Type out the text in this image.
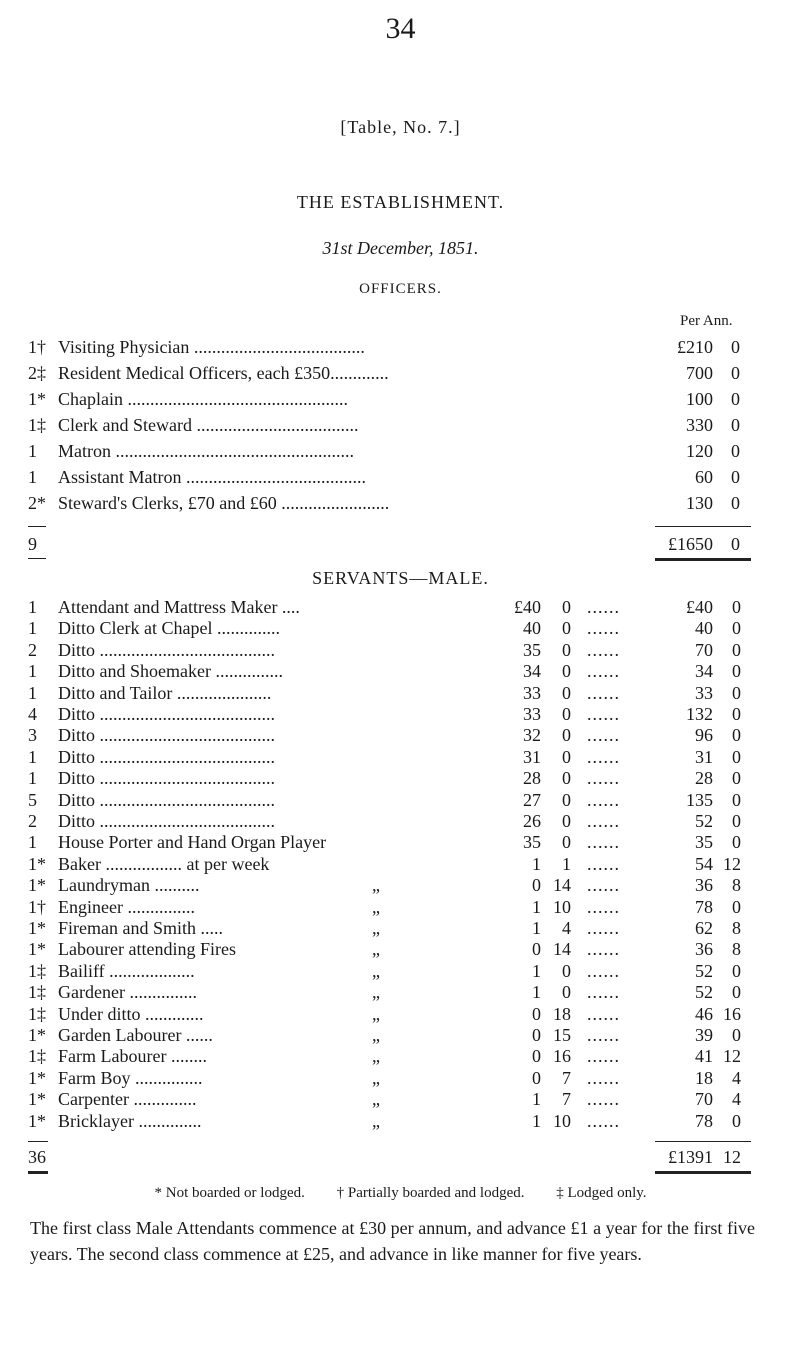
34
[Table, No. 7.]
THE ESTABLISHMENT.
31st December, 1851.
OFFICERS.
Per Ann.
1† Visiting Physician ......................................	£210	0
2‡ Resident Medical Officers, each £350.............	700	0
1* Chaplain .................................................	100	0
1‡ Clerk and Steward ....................................	330	0
1 Matron .....................................................	120	0
1 Assistant Matron ........................................	60	0
2* Steward's Clerks, £70 and £60 ........................	130	0
9	£1650	0
SERVANTS—MALE.
1 Attendant and Mattress Maker ....	£40	0 ......	£40	0
1 Ditto Clerk at Chapel ..............	40	0 ......	40	0
2 Ditto .......................................	35	0 ......	70	0
1 Ditto and Shoemaker ...............	34	0 ......	34	0
1 Ditto and Tailor .....................	33	0 ......	33	0
4 Ditto .......................................	33	0 ......	132	0
3 Ditto .......................................	32	0 ......	96	0
1 Ditto .......................................	31	0 ......	31	0
1 Ditto .......................................	28	0 ......	28	0
5 Ditto .......................................	27	0 ......	135	0
2 Ditto .......................................	26	0 ......	52	0
1 House Porter and Hand Organ Player	35	0 ......	35	0
1* Baker ................. at per week	1	1 ......	54 12
1* Laundryman ..........	„	0 14 ......	36	8
1† Engineer ...............	„	1 10 ......	78	0
1* Fireman and Smith .....	„	1	4 ......	62	8
1* Labourer attending Fires	„	0 14 ......	36	8
1‡ Bailiff ...................	„	1	0 ......	52	0
1‡ Gardener ...............	„	1	0 ......	52	0
1‡ Under ditto .............	„	0 18 ......	46 16
1* Garden Labourer ......	„	0 15 ......	39	0
1‡ Farm Labourer ........	„	0 16 ......	41 12
1* Farm Boy ...............	„	0	7 ......	18	4
1* Carpenter ..............	„	1	7 ......	70	4
1* Bricklayer ..............	„	1 10 ......	78	0
36	£1391 12
* Not boarded or lodged. † Partially boarded and lodged. ‡ Lodged only.
The first class Male Attendants commence at £30 per annum, and advance £1 a year for the first five years. The second class commence at £25, and advance in like manner for five years.
